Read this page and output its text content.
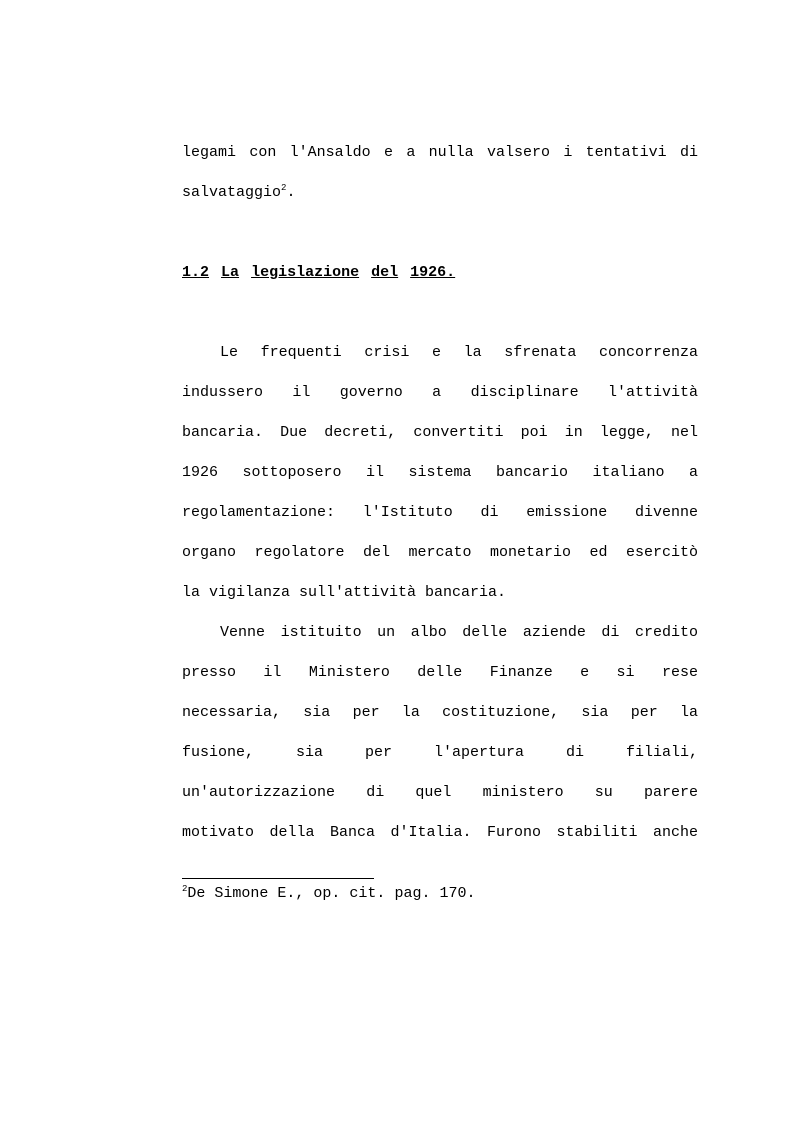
legami con l'Ansaldo e a nulla valsero i tentativi di
salvataggio$^2$.
1.2 La legislazione del 1926.
Le frequenti crisi e la sfrenata concorrenza
indussero il governo a disciplinare l'attività
bancaria. Due decreti, convertiti poi in legge, nel
1926 sottoposero il sistema bancario italiano a
regolamentazione: l'Istituto di emissione divenne
organo regolatore del mercato monetario ed esercitò
la vigilanza sull'attività bancaria.
Venne istituito un albo delle aziende di credito
presso il Ministero delle Finanze e si rese
necessaria, sia per la costituzione, sia per la
fusione, sia per l'apertura di filiali,
un'autorizzazione di quel ministero su parere
motivato della Banca d'Italia. Furono stabiliti anche
$^2$De Simone E., op. cit. pag. 170.
